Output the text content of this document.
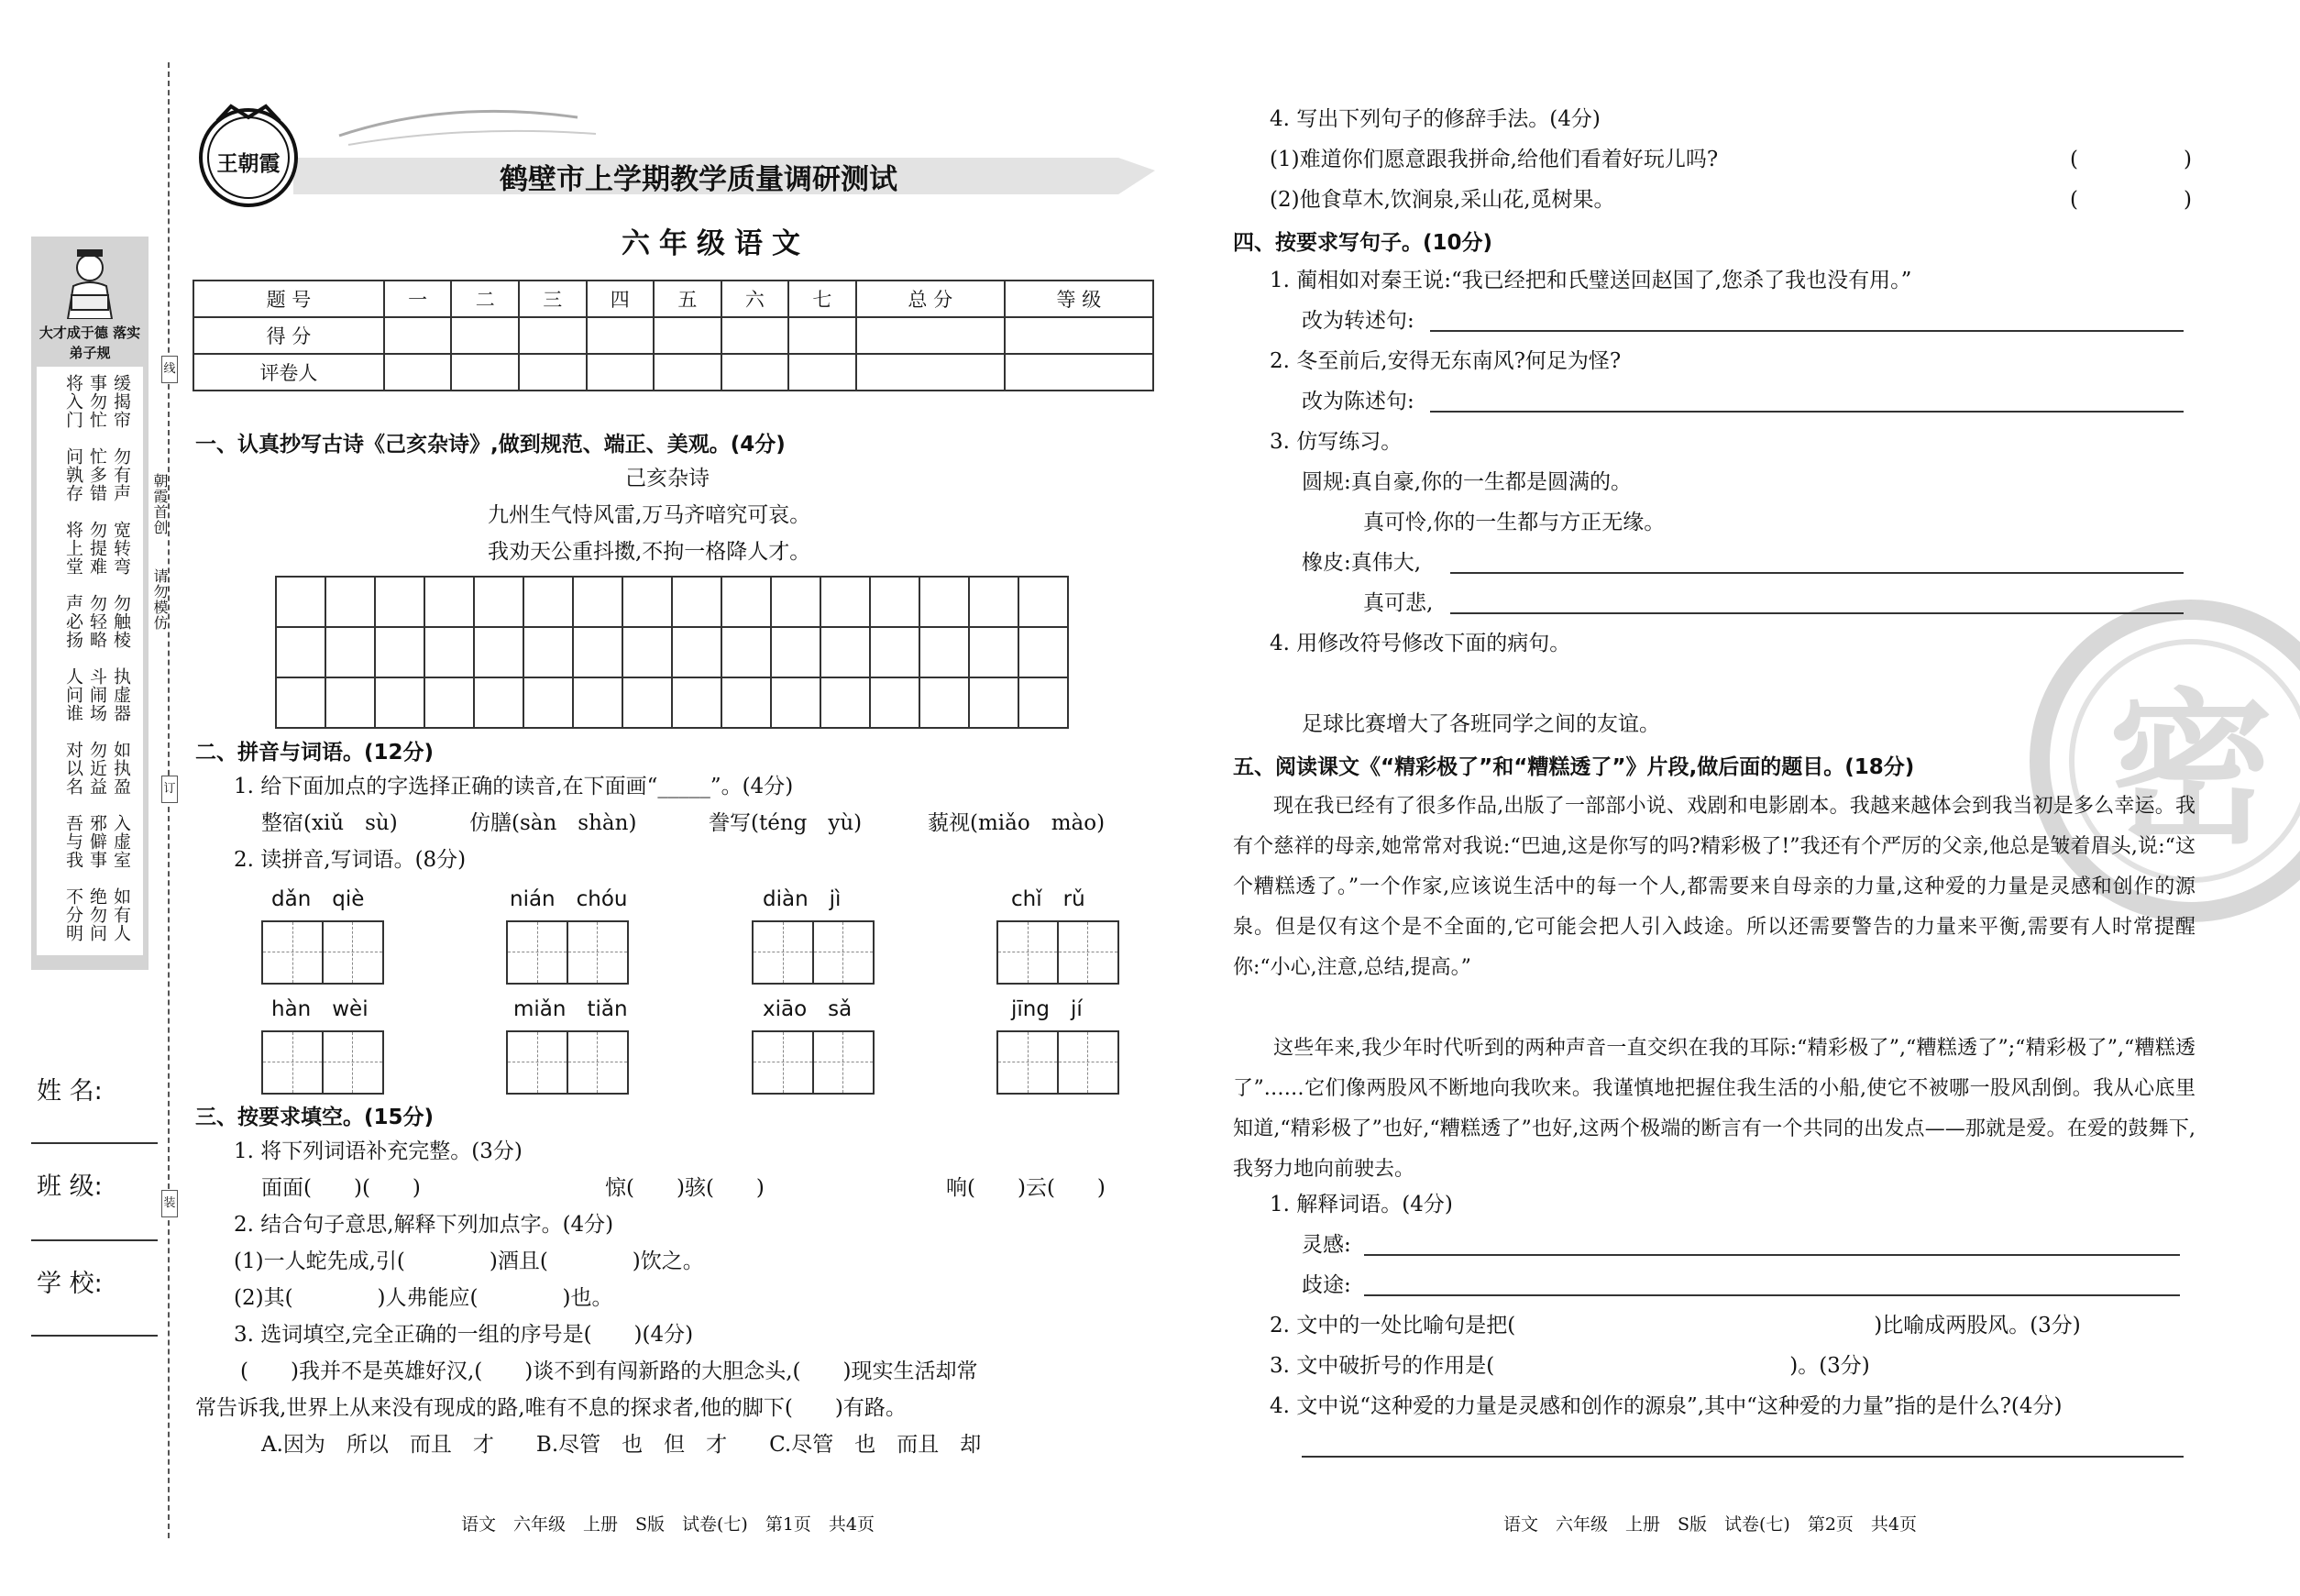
线
订
装
大才成于德 落实弟子规
缓揭帘
事勿忙
将入门
勿有声
忙多错
问孰存
宽转弯
勿提难
将上堂
勿触棱
勿轻略
声必扬
执虚器
斗闹场
人问谁
如执盈
勿近益
对以名
入虚室
邪僻事
吾与我
如有人
绝勿问
不分明
朝霞首创
请勿模仿
姓 名:
班 级:
学 校:
王朝霞	鹤壁市上学期教学质量调研测试
六年级语文
题 号	一	二	三	四	五	六	七	总 分	等 级
得 分									
评卷人									
一、认真抄写古诗《己亥杂诗》,做到规范、端正、美观。(4分)
己亥杂诗
九州生气恃风雷,万马齐喑究可哀。
我劝天公重抖擞,不拘一格降人才。

二、拼音与词语。(12分)
1. 给下面加点的字选择正确的读音,在下面画“_____”。(4分)
整宿(xiǔ　sù)	仿膳(sàn　shàn)	誊写(téng　yù)	藐视(miǎo　mào)
2. 读拼音,写词语。(8分)
dǎn　qiè	nián　chóu	diàn　jì	chǐ　rǔ
hàn　wèi	miǎn　tiǎn	xiāo　sǎ	jīng　jí
三、按要求填空。(15分)
1. 将下列词语补充完整。(3分)
面面(　　)(　　)	惊(　　)骇(　　)	响(　　)云(　　)
2. 结合句子意思,解释下列加点字。(4分)
(1)一人蛇先成,引(　　　　)酒且(　　　　)饮之。
(2)其(　　　　)人弗能应(　　　　)也。
3. 选词填空,完全正确的一组的序号是(　　)(4分)
(　　)我并不是英雄好汉,(　　)谈不到有闯新路的大胆念头,(　　)现实生活却常
常告诉我,世界上从来没有现成的路,唯有不息的探求者,他的脚下(　　)有路。
A.因为　所以　而且　才　　B.尽管　也　但　才　　C.尽管　也　而且　却
语文　六年级　上册　S版　试卷(七)　第1页　共4页	语文　六年级　上册　S版　试卷(七)　第2页　共4页
密
4. 写出下列句子的修辞手法。(4分)
(1)难道你们愿意跟我拼命,给他们看着好玩儿吗?	(　　　　　)
(2)他食草木,饮涧泉,采山花,觅树果。	(　　　　　)
四、按要求写句子。(10分)
1. 蔺相如对秦王说:“我已经把和氏璧送回赵国了,您杀了我也没有用。”
改为转述句:
2. 冬至前后,安得无东南风?何足为怪?
改为陈述句:
3. 仿写练习。
圆规:真自豪,你的一生都是圆满的。
真可怜,你的一生都与方正无缘。
橡皮:真伟大,
真可悲,
4. 用修改符号修改下面的病句。
足球比赛增大了各班同学之间的友谊。
五、阅读课文《“精彩极了”和“糟糕透了”》片段,做后面的题目。(18分)
现在我已经有了很多作品,出版了一部部小说、戏剧和电影剧本。我越来越体会到我当初是多么幸运。我有个慈祥的母亲,她常常对我说:“巴迪,这是你写的吗?精彩极了!”我还有个严厉的父亲,他总是皱着眉头,说:“这个糟糕透了。”一个作家,应该说生活中的每一个人,都需要来自母亲的力量,这种爱的力量是灵感和创作的源泉。但是仅有这个是不全面的,它可能会把人引入歧途。所以还需要警告的力量来平衡,需要有人时常提醒你:“小心,注意,总结,提高。”
这些年来,我少年时代听到的两种声音一直交织在我的耳际:“精彩极了”,“糟糕透了”;“精彩极了”,“糟糕透了”……它们像两股风不断地向我吹来。我谨慎地把握住我生活的小船,使它不被哪一股风刮倒。我从心底里知道,“精彩极了”也好,“糟糕透了”也好,这两个极端的断言有一个共同的出发点——那就是爱。在爱的鼓舞下,我努力地向前驶去。
1. 解释词语。(4分)
灵感:
歧途:
2. 文中的一处比喻句是把(　　　　　　　　　　　　　　　　　)比喻成两股风。(3分)
3. 文中破折号的作用是(　　　　　　　　　　　　　　)。(3分)
4. 文中说“这种爱的力量是灵感和创作的源泉”,其中“这种爱的力量”指的是什么?(4分)
